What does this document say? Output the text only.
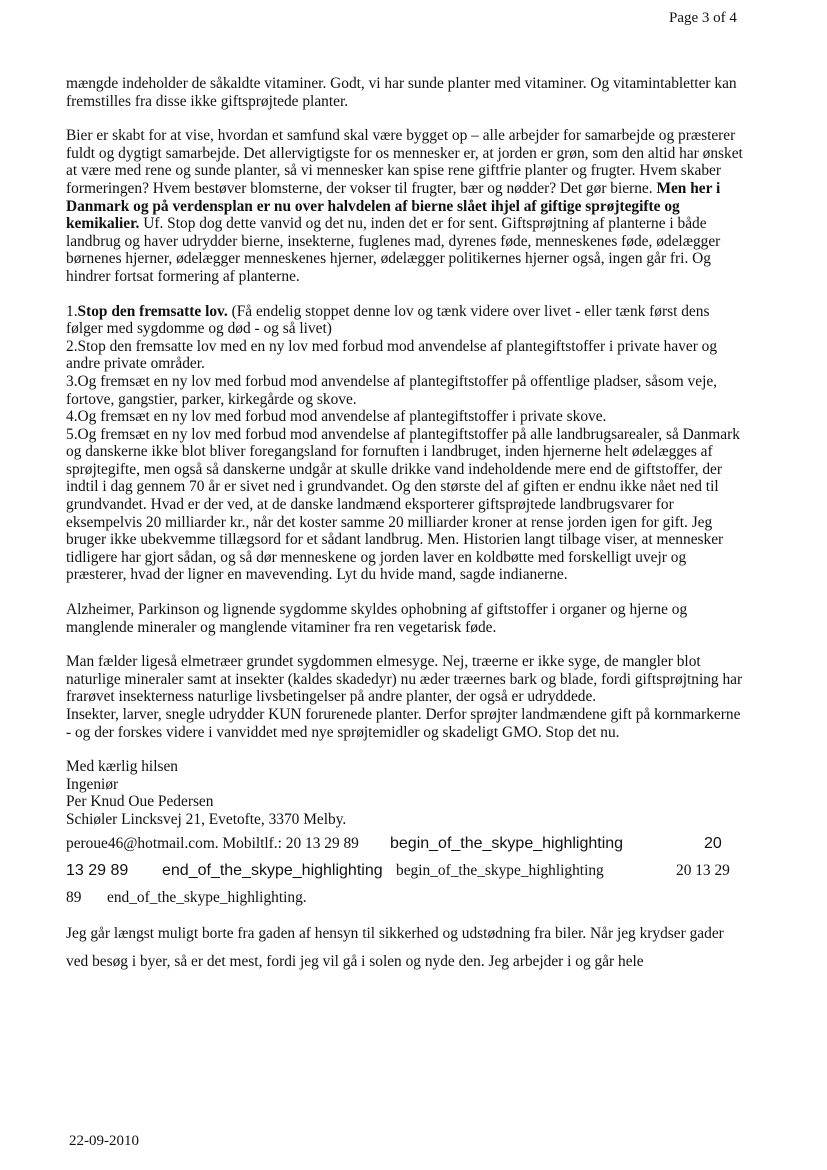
Page 3 of 4

mængde indeholder de såkaldte vitaminer. Godt, vi har sunde planter med vitaminer. Og vitamintabletter kan fremstilles fra disse ikke giftsprøjtede planter.

Bier er skabt for at vise, hvordan et samfund skal være bygget op – alle arbejder for samarbejde og præsterer fuldt og dygtigt samarbejde. Det allervigtigste for os mennesker er, at jorden er grøn, som den altid har ønsket at være med rene og sunde planter, så vi mennesker kan spise rene giftfrie planter og frugter. Hvem skaber formeringen? Hvem bestøver blomsterne, der vokser til frugter, bær og nødder? Det gør bierne. Men her i Danmark og på verdensplan er nu over halvdelen af bierne slået ihjel af giftige sprøjtegifte og kemikalier. Uf. Stop dog dette vanvid og det nu, inden det er for sent. Giftsprøjtning af planterne i både landbrug og haver udrydder bierne, insekterne, fuglenes mad, dyrenes føde, menneskenes føde, ødelægger børnenes hjerner, ødelægger menneskenes hjerner, ødelægger politikernes hjerner også, ingen går fri. Og hindrer fortsat formering af planterne.

1.Stop den fremsatte lov. (Få endelig stoppet denne lov og tænk videre over livet - eller tænk først dens følger med sygdomme og død - og så livet)
2.Stop den fremsatte lov med en ny lov med forbud mod anvendelse af plantegiftstoffer i private haver og andre private områder.
3.Og fremsæt en ny lov med forbud mod anvendelse af plantegiftstoffer på offentlige pladser, såsom veje, fortove, gangstier, parker, kirkegårde og skove.
4.Og fremsæt en ny lov med forbud mod anvendelse af plantegiftstoffer i private skove.
5.Og fremsæt en ny lov med forbud mod anvendelse af plantegiftstoffer på alle landbrugsarealer, så Danmark og danskerne ikke blot bliver foregangsland for fornuften i landbruget, inden hjernerne helt ødelægges af sprøjtegifte, men også så danskerne undgår at skulle drikke vand indeholdende mere end de giftstoffer, der indtil i dag gennem 70 år er sivet ned i grundvandet. Og den største del af giften er endnu ikke nået ned til grundvandet. Hvad er der ved, at de danske landmænd eksporterer giftsprøjtede landbrugsvarer for eksempelvis 20 milliarder kr., når det koster samme 20 milliarder kroner at rense jorden igen for gift. Jeg bruger ikke ubekvemme tillægsord for et sådant landbrug. Men. Historien langt tilbage viser, at mennesker tidligere har gjort sådan, og så dør menneskene og jorden laver en koldbøtte med forskelligt uvejr og præsterer, hvad der ligner en mavevending. Lyt du hvide mand, sagde indianerne.

Alzheimer, Parkinson og lignende sygdomme skyldes ophobning af giftstoffer i organer og hjerne og manglende mineraler og manglende vitaminer fra ren vegetarisk føde.

Man fælder ligeså elmetræer grundet sygdommen elmesyge. Nej, træerne er ikke syge, de mangler blot naturlige mineraler samt at insekter (kaldes skadedyr) nu æder træernes bark og blade, fordi giftsprøjtning har frarøvet insekterness naturlige livsbetingelser på andre planter, der også er udryddede.
Insekter, larver, snegle udrydder KUN forurenede planter. Derfor sprøjter landmændene gift på kornmarkerne - og der forskes videre i vanviddet med nye sprøjtemidler og skadeligt GMO. Stop det nu.
Med kærlig hilsen
Ingeniør
Per Knud Oue Pedersen
Schiøler Lincksvej 21, Evetofte, 3370 Melby.
peroue46@hotmail.com. Mobiltlf.: 20 13 29 89 begin_of_the_skype_highlighting	20
13 29 89 end_of_the_skype_highlighting begin_of_the_skype_highlighting	20 13 29
89 end_of_the_skype_highlighting.
Jeg går længst muligt borte fra gaden af hensyn til sikkerhed og udstødning fra biler. Når jeg krydser gader ved besøg i byer, så er det mest, fordi jeg vil gå i solen og nyde den. Jeg arbejder i og går hele
22-09-2010
